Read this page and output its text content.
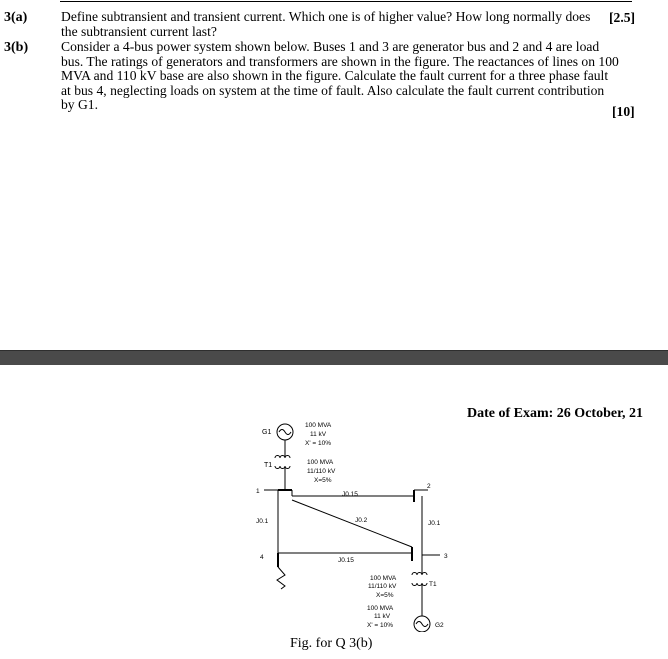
3(a) Define subtransient and transient current. Which one is of higher value? How long normally does the subtransient current last?
[2.5]
3(b) Consider a 4-bus power system shown below. Buses 1 and 3 are generator bus and 2 and 4 are load bus. The ratings of generators and transformers are shown in the figure. The reactances of lines on 100 MVA and 110 kV base are also shown in the figure. Calculate the fault current for a three phase fault at bus 4, neglecting loads on system at the time of fault. Also calculate the fault current contribution by G1.	[10]
Date of Exam: 26 October, 21
G1
100 MVA
11 kV
X' = 10%
T1	100 MVA
11/110 kV
X=5%
1	J0.15
2
J0.1	J0.2	J0.1
3
4	J0.15
T1
100 MVA
11/110 kV
X=5%
G2
100 MVA
11 kV
X' = 10%
Fig. for Q 3(b)
